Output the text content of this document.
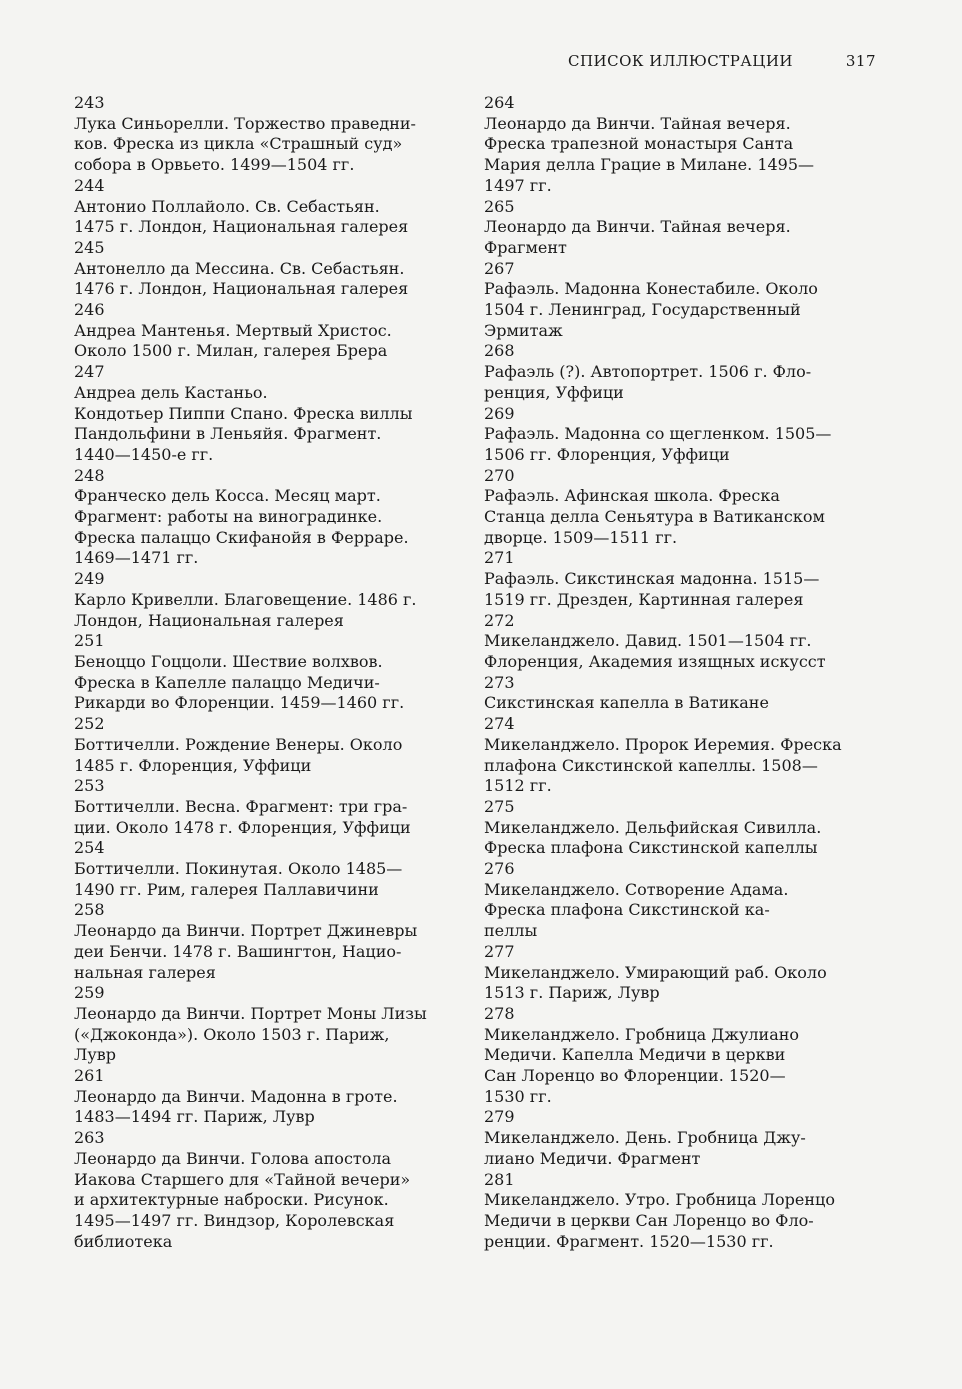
СПИСОК ИЛЛЮСТРАЦИИ	317
243
Лука Синьорелли. Торжество праведни-
ков. Фреска из цикла «Страшный суд»
собора в Орвьето. 1499—1504 гг.
244
Антонио Поллайоло. Св. Себастьян.
1475 г. Лондон, Национальная галерея
245
Антонелло да Мессина. Св. Себастьян.
1476 г. Лондон, Национальная галерея
246
Андреа Мантенья. Мертвый Христос.
Около 1500 г. Милан, галерея Брера
247
Андреа дель Кастаньо.
Кондотьер Пиппи Спано. Фреска виллы
Пандольфини в Леньяйя. Фрагмент.
1440—1450-е гг.
248
Франческо дель Косса. Месяц март.
Фрагмент: работы на виноградинке.
Фреска палаццо Скифанойя в Ферраре.
1469—1471 гг.
249
Карло Кривелли. Благовещение. 1486 г.
Лондон, Национальная галерея
251
Беноццо Гоццоли. Шествие волхвов.
Фреска в Капелле палаццо Медичи-
Рикарди во Флоренции. 1459—1460 гг.
252
Боттичелли. Рождение Венеры. Около
1485 г. Флоренция, Уффици
253
Боттичелли. Весна. Фрагмент: три гра-
ции. Около 1478 г. Флоренция, Уффици
254
Боттичелли. Покинутая. Около 1485—
1490 гг. Рим, галерея Паллавичини
258
Леонардо да Винчи. Портрет Джиневры
деи Бенчи. 1478 г. Вашингтон, Нацио-
нальная галерея
259
Леонардо да Винчи. Портрет Моны Лизы
(«Джоконда»). Около 1503 г. Париж,
Лувр
261
Леонардо да Винчи. Мадонна в гроте.
1483—1494 гг. Париж, Лувр
263
Леонардо да Винчи. Голова апостола
Иакова Старшего для «Тайной вечери»
и архитектурные наброски. Рисунок.
1495—1497 гг. Виндзор, Королевская
библиотека
264
Леонардо да Винчи. Тайная вечеря.
Фреска трапезной монастыря Санта
Мария делла Грацие в Милане. 1495—
1497 гг.
265
Леонардо да Винчи. Тайная вечеря.
Фрагмент
267
Рафаэль. Мадонна Конестабиле. Около
1504 г. Ленинград, Государственный
Эрмитаж
268
Рафаэль (?). Автопортрет. 1506 г. Фло-
ренция, Уффици
269
Рафаэль. Мадонна со щегленком. 1505—
1506 гг. Флоренция, Уффици
270
Рафаэль. Афинская школа. Фреска
Станца делла Сеньятура в Ватиканском
дворце. 1509—1511 гг.
271
Рафаэль. Сикстинская мадонна. 1515—
1519 гг. Дрезден, Картинная галерея
272
Микеланджело. Давид. 1501—1504 гг.
Флоренция, Академия изящных искусст
273
Сикстинская капелла в Ватикане
274
Микеланджело. Пророк Иеремия. Фреска
плафона Сикстинской капеллы. 1508—
1512 гг.
275
Микеланджело. Дельфийская Сивилла.
Фреска плафона Сикстинской капеллы
276
Микеланджело. Сотворение Адама.
Фреска плафона Сикстинской ка-
пеллы
277
Микеланджело. Умирающий раб. Около
1513 г. Париж, Лувр
278
Микеланджело. Гробница Джулиано
Медичи. Капелла Медичи в церкви
Сан Лоренцо во Флоренции. 1520—
1530 гг.
279
Микеланджело. День. Гробница Джу-
лиано Медичи. Фрагмент
281
Микеланджело. Утро. Гробница Лоренцо
Медичи в церкви Сан Лоренцо во Фло-
ренции. Фрагмент. 1520—1530 гг.
